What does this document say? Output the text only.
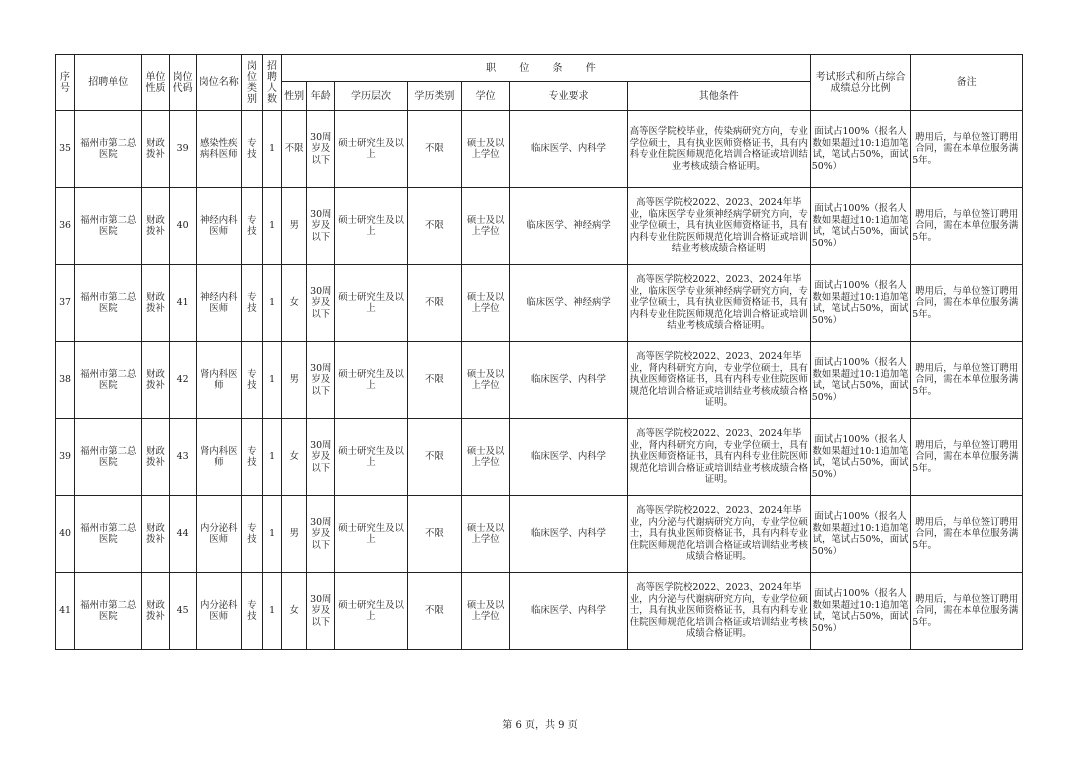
序号	招聘单位	单位性质	岗位代码	岗位名称	岗位类别	招聘人数	职 位 条 件							考试形式和所占综合成绩总分比例	备注
							性别	年龄	学历层次	学历类别	学位	专业要求	其他条件		
35	福州市第二总医院	财政拨补	39	感染性疾病科医师	专技	1	不限	30周岁及以下	硕士研究生及以上	不限	硕士及以上学位	临床医学、内科学	高等医学院校毕业，传染病研究方向，专业学位硕士，具有执业医师资格证书，具有内科专业住院医师规范化培训合格证或培训结业考核成绩合格证明。	面试占100%（报名人数如果超过10:1追加笔试，笔试占50%，面试50%）	聘用后，与单位签订聘用合同，需在本单位服务满5年。
36	福州市第二总医院	财政拨补	40	神经内科医师	专技	1	男	30周岁及以下	硕士研究生及以上	不限	硕士及以上学位	临床医学、神经病学	高等医学院校2022、2023、2024年毕业，临床医学专业须神经病学研究方向，专业学位硕士，具有执业医师资格证书，具有内科专业住院医师规范化培训合格证或培训结业考核成绩合格证明	面试占100%（报名人数如果超过10:1追加笔试，笔试占50%，面试50%）	聘用后，与单位签订聘用合同，需在本单位服务满5年。
37	福州市第二总医院	财政拨补	41	神经内科医师	专技	1	女	30周岁及以下	硕士研究生及以上	不限	硕士及以上学位	临床医学、神经病学	高等医学院校2022、2023、2024年毕业，临床医学专业须神经病学研究方向，专业学位硕士，具有执业医师资格证书，具有内科专业住院医师规范化培训合格证或培训结业考核成绩合格证明。	面试占100%（报名人数如果超过10:1追加笔试，笔试占50%，面试50%）	聘用后，与单位签订聘用合同，需在本单位服务满5年。
38	福州市第二总医院	财政拨补	42	肾内科医师	专技	1	男	30周岁及以下	硕士研究生及以上	不限	硕士及以上学位	临床医学、内科学	高等医学院校2022、2023、2024年毕业，肾内科研究方向，专业学位硕士，具有执业医师资格证书，具有内科专业住院医师规范化培训合格证或培训结业考核成绩合格证明。	面试占100%（报名人数如果超过10:1追加笔试，笔试占50%，面试50%）	聘用后，与单位签订聘用合同，需在本单位服务满5年。
39	福州市第二总医院	财政拨补	43	肾内科医师	专技	1	女	30周岁及以下	硕士研究生及以上	不限	硕士及以上学位	临床医学、内科学	高等医学院校2022、2023、2024年毕业，肾内科研究方向，专业学位硕士，具有执业医师资格证书，具有内科专业住院医师规范化培训合格证或培训结业考核成绩合格证明。	面试占100%（报名人数如果超过10:1追加笔试，笔试占50%，面试50%）	聘用后，与单位签订聘用合同，需在本单位服务满5年。
40	福州市第二总医院	财政拨补	44	内分泌科医师	专技	1	男	30周岁及以下	硕士研究生及以上	不限	硕士及以上学位	临床医学、内科学	高等医学院校2022、2023、2024年毕业，内分泌与代谢病研究方向，专业学位硕士，具有执业医师资格证书，具有内科专业住院医师规范化培训合格证或培训结业考核成绩合格证明。	面试占100%（报名人数如果超过10:1追加笔试，笔试占50%，面试50%）	聘用后，与单位签订聘用合同，需在本单位服务满5年。
41	福州市第二总医院	财政拨补	45	内分泌科医师	专技	1	女	30周岁及以下	硕士研究生及以上	不限	硕士及以上学位	临床医学、内科学	高等医学院校2022、2023、2024年毕业，内分泌与代谢病研究方向，专业学位硕士，具有执业医师资格证书，具有内科专业住院医师规范化培训合格证或培训结业考核成绩合格证明。	面试占100%（报名人数如果超过10:1追加笔试，笔试占50%，面试50%）	聘用后，与单位签订聘用合同，需在本单位服务满5年。
第 6 页，共 9 页
